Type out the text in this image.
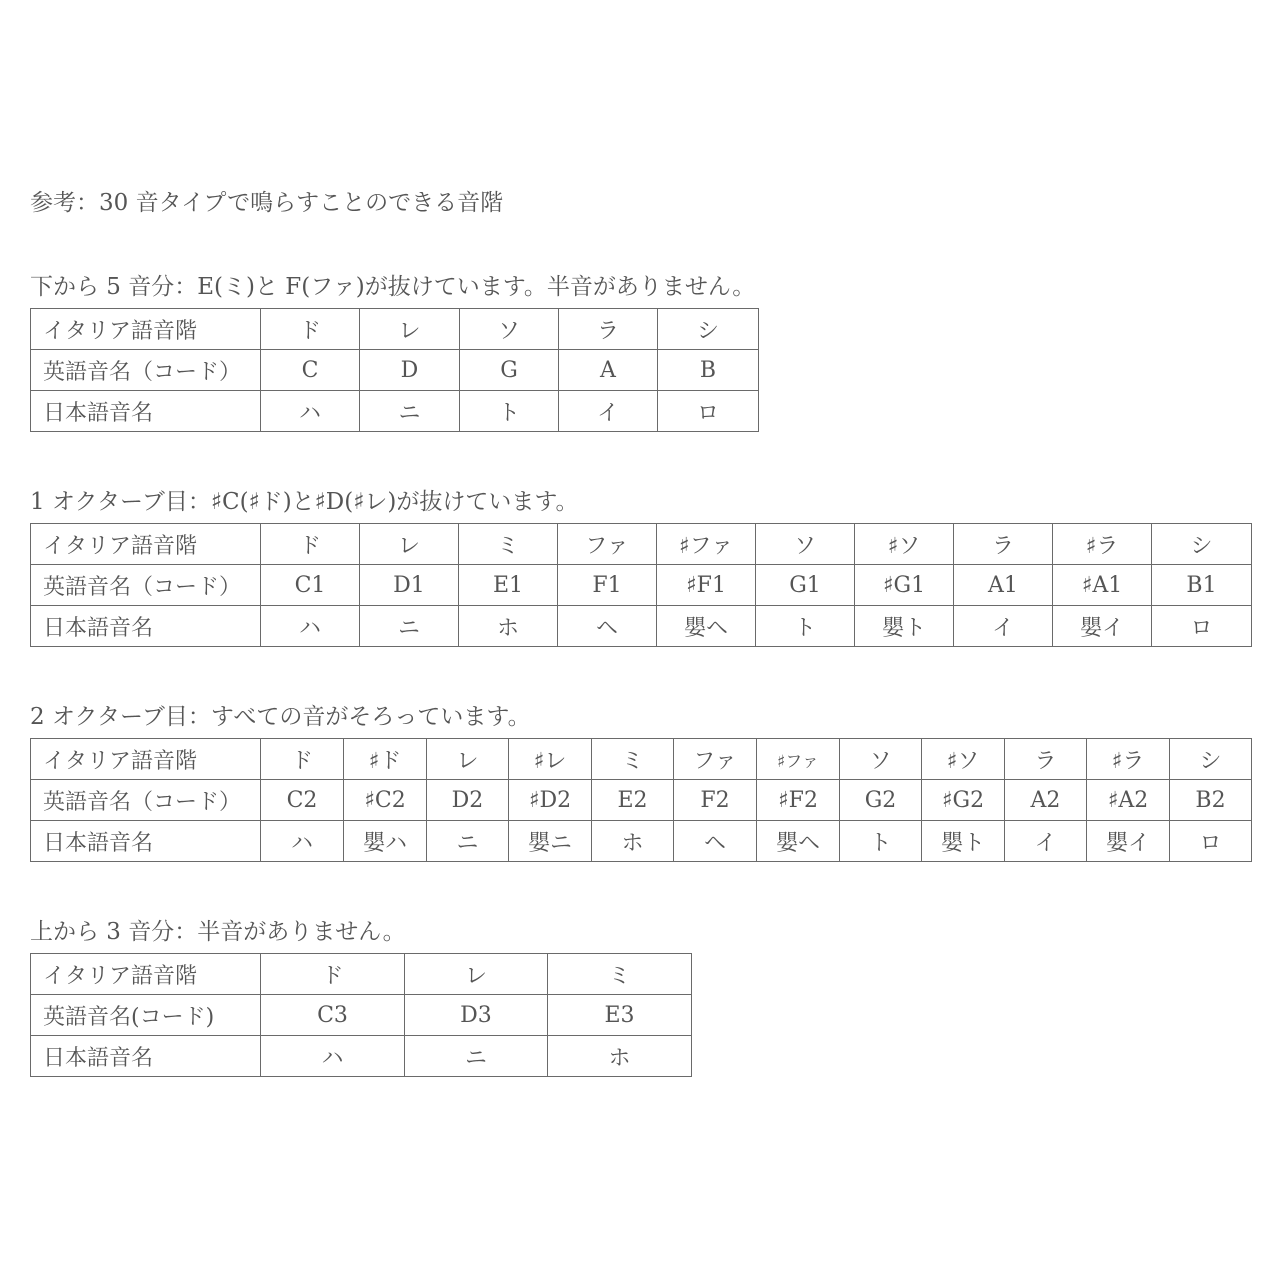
参考：30 音タイプで鳴らすことのできる音階
下から 5 音分：E(ミ)と F(ファ)が抜けています。半音がありません。
イタリア語音階	ド	レ	ソ	ラ	シ
英語音名（コード）	C	D	G	A	B
日本語音名	ハ	ニ	ト	イ	ロ
1 オクターブ目：♯C(♯ド)と♯D(♯レ)が抜けています。
イタリア語音階	ド	レ	ミ	ファ	♯ファ	ソ	♯ソ	ラ	♯ラ	シ
英語音名（コード）	C1	D1	E1	F1	♯F1	G1	♯G1	A1	♯A1	B1
日本語音名	ハ	ニ	ホ	ヘ	嬰ヘ	ト	嬰ト	イ	嬰イ	ロ
2 オクターブ目：すべての音がそろっています。
イタリア語音階	ド	♯ド	レ	♯レ	ミ	ファ	♯ファ	ソ	♯ソ	ラ	♯ラ	シ
英語音名（コード）	C2	♯C2	D2	♯D2	E2	F2	♯F2	G2	♯G2	A2	♯A2	B2
日本語音名	ハ	嬰ハ	ニ	嬰ニ	ホ	ヘ	嬰ヘ	ト	嬰ト	イ	嬰イ	ロ
上から 3 音分：半音がありません。
イタリア語音階	ド	レ	ミ
英語音名(コード)	C3	D3	E3
日本語音名	ハ	ニ	ホ
